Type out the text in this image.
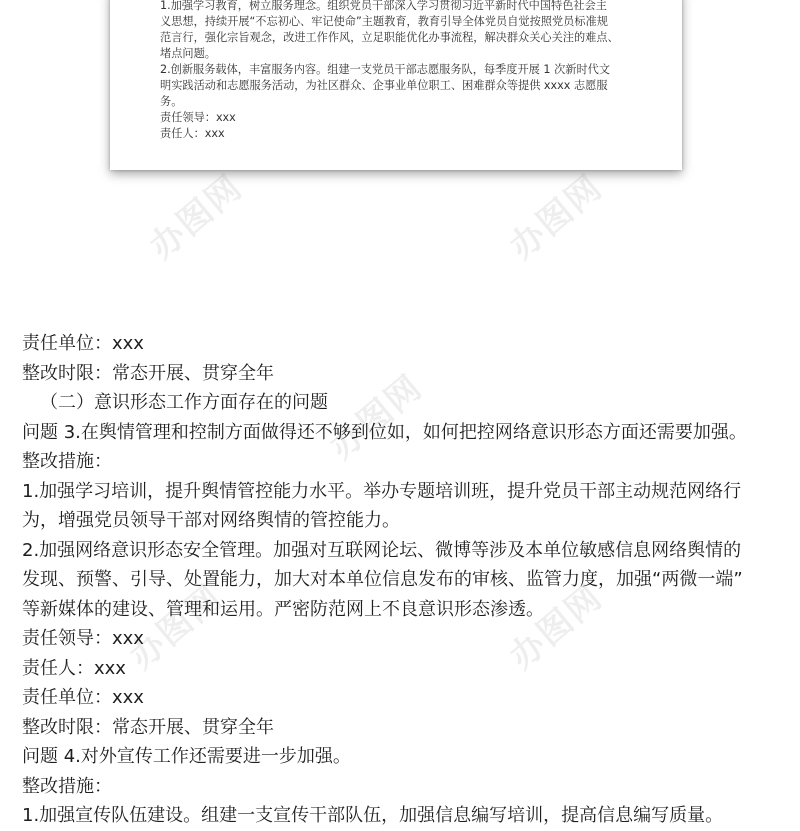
办图网	办图网
办图网
办图网
办图网
1.加强学习教育，树立服务理念。组织党员干部深入学习贯彻习近平新时代中国特色社会主
义思想，持续开展“不忘初心、牢记使命”主题教育，教育引导全体党员自觉按照党员标准规
范言行，强化宗旨观念，改进工作作风，立足职能优化办事流程，解决群众关心关注的难点、
堵点问题。
2.创新服务载体，丰富服务内容。组建一支党员干部志愿服务队，每季度开展 1 次新时代文
明实践活动和志愿服务活动，为社区群众、企事业单位职工、困难群众等提供 xxxx 志愿服
务。
责任领导：xxx
责任人：xxx
责任单位：xxx
整改时限：常态开展、贯穿全年
（二）意识形态工作方面存在的问题
问题 3.在舆情管理和控制方面做得还不够到位如，如何把控网络意识形态方面还需要加强。
整改措施：
1.加强学习培训，提升舆情管控能力水平。举办专题培训班，提升党员干部主动规范网络行
为，增强党员领导干部对网络舆情的管控能力。
2.加强网络意识形态安全管理。加强对互联网论坛、微博等涉及本单位敏感信息网络舆情的
发现、预警、引导、处置能力，加大对本单位信息发布的审核、监管力度，加强“两微一端”
等新媒体的建设、管理和运用。严密防范网上不良意识形态渗透。
责任领导：xxx
责任人：xxx
责任单位：xxx
整改时限：常态开展、贯穿全年
问题 4.对外宣传工作还需要进一步加强。
整改措施：
1.加强宣传队伍建设。组建一支宣传干部队伍，加强信息编写培训，提高信息编写质量。
